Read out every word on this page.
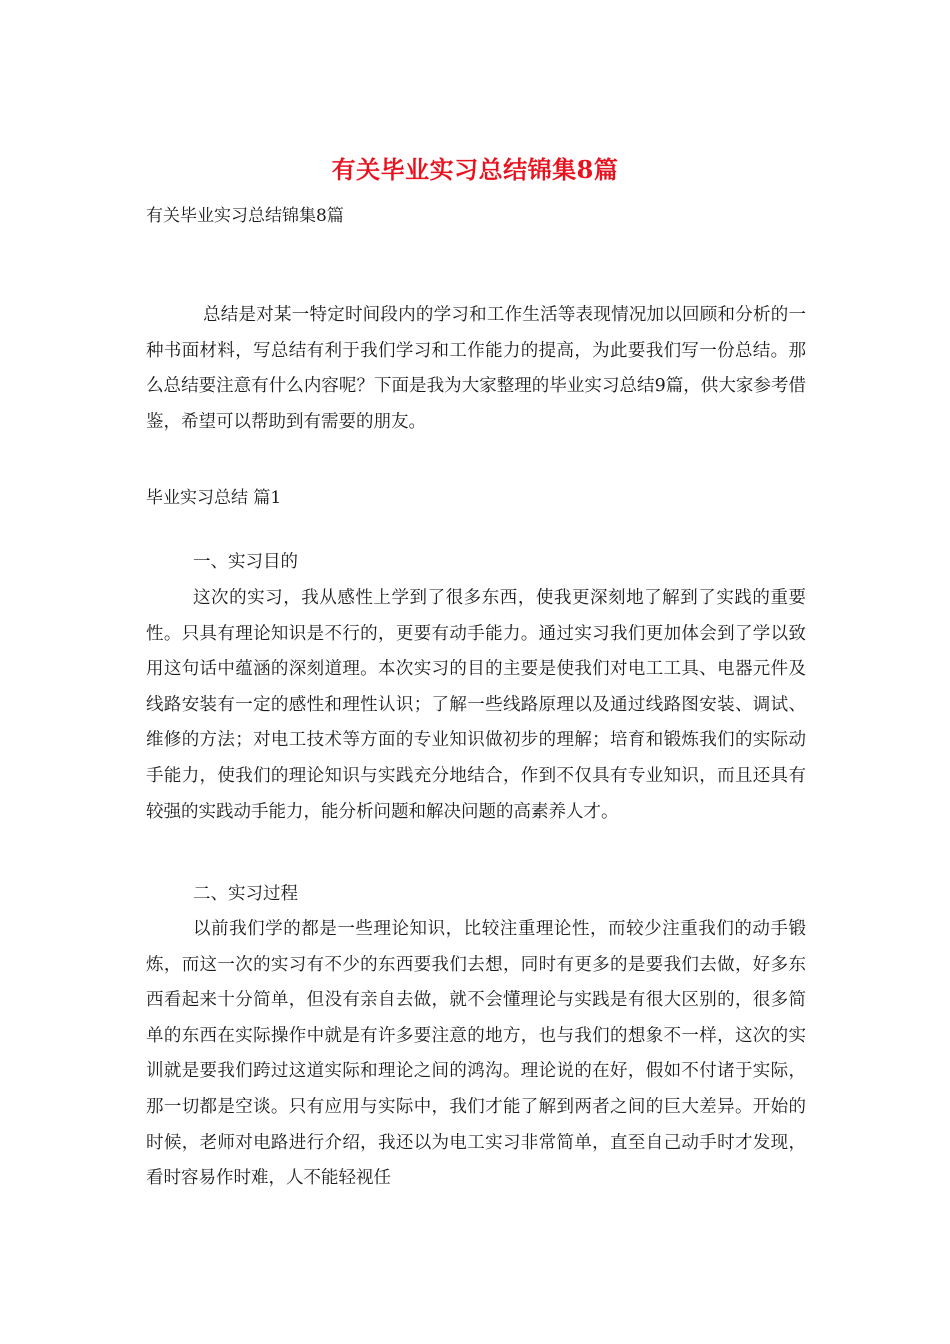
有关毕业实习总结锦集8篇
有关毕业实习总结锦集8篇

总结是对某一特定时间段内的学习和工作生活等表现情况加以回顾和分析的一种书面材料，写总结有利于我们学习和工作能力的提高，为此要我们写一份总结。那么总结要注意有什么内容呢？下面是我为大家整理的毕业实习总结9篇，供大家参考借鉴，希望可以帮助到有需要的朋友。

毕业实习总结 篇1
一、实习目的

这次的实习，我从感性上学到了很多东西，使我更深刻地了解到了实践的重要性。只具有理论知识是不行的，更要有动手能力。通过实习我们更加体会到了学以致用这句话中蕴涵的深刻道理。本次实习的目的主要是使我们对电工工具、电器元件及线路安装有一定的感性和理性认识；了解一些线路原理以及通过线路图安装、调试、维修的方法；对电工技术等方面的专业知识做初步的理解；培育和锻炼我们的实际动手能力，使我们的理论知识与实践充分地结合，作到不仅具有专业知识，而且还具有较强的实践动手能力，能分析问题和解决问题的高素养人才。

二、实习过程

以前我们学的都是一些理论知识，比较注重理论性，而较少注重我们的动手锻炼，而这一次的实习有不少的东西要我们去想，同时有更多的是要我们去做，好多东西看起来十分简单，但没有亲自去做，就不会懂理论与实践是有很大区别的，很多简单的东西在实际操作中就是有许多要注意的地方，也与我们的想象不一样，这次的实训就是要我们跨过这道实际和理论之间的鸿沟。理论说的在好，假如不付诸于实际，那一切都是空谈。只有应用与实际中，我们才能了解到两者之间的巨大差异。开始的时候，老师对电路进行介绍，我还以为电工实习非常简单，直至自己动手时才发现，看时容易作时难，人不能轻视任
